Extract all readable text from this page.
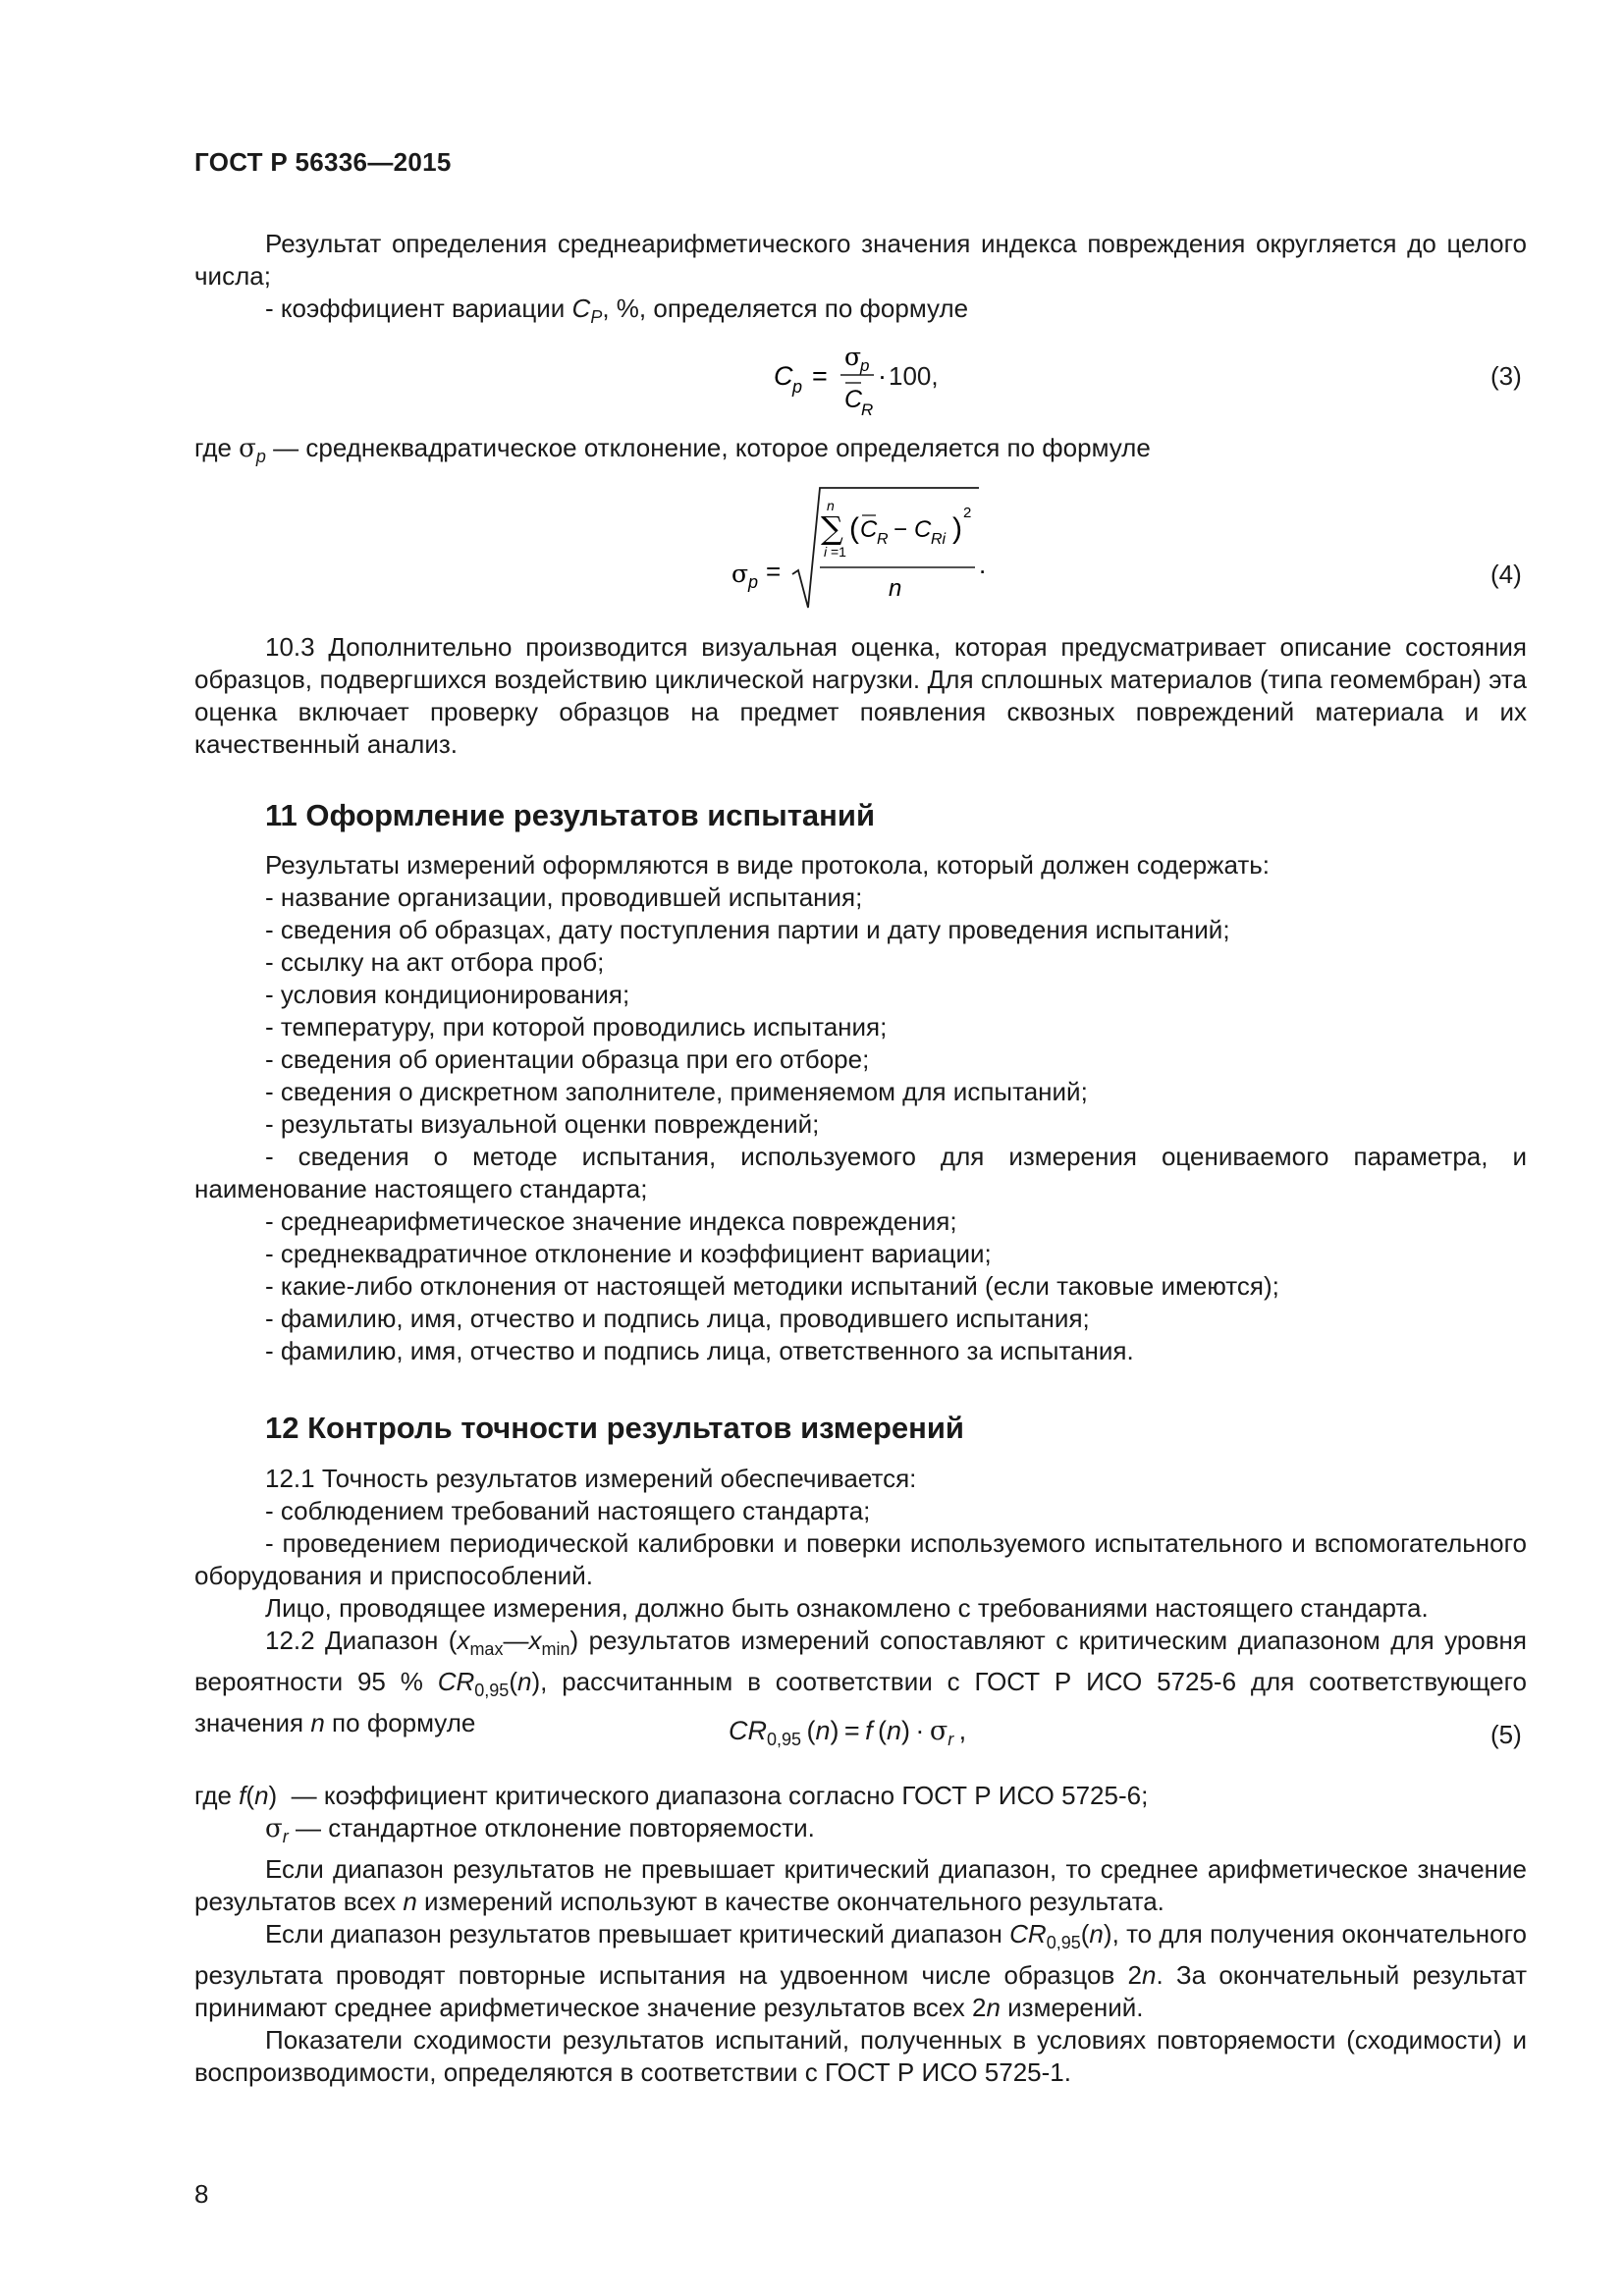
ГОСТ Р 56336—2015

Результат определения среднеарифметического значения индекса повреждения округляется до целого числа;

- коэффициент вариации $C_P$, %, определяется по формуле

C p =
σ
p
C
R
· 100,	(3)

где $\sigma_p$ — среднеквадратическое отклонение, которое определяется по формуле

σ p =
n
∑
i =1
( C R − C Ri ) 2
n
.	(4)

10.3 Дополнительно производится визуальная оценка, которая предусматривает описание состояния образцов, подвергшихся воздействию циклической нагрузки. Для сплошных материалов (типа геомембран) эта оценка включает проверку образцов на предмет появления сквозных повреждений материала и их качественный анализ.

11 Оформление результатов испытаний

Результаты измерений оформляются в виде протокола, который должен содержать:

- название организации, проводившей испытания;

- сведения об образцах, дату поступления партии и дату проведения испытаний;

- ссылку на акт отбора проб;

- условия кондиционирования;

- температуру, при которой проводились испытания;

- сведения об ориентации образца при его отборе;

- сведения о дискретном заполнителе, применяемом для испытаний;

- результаты визуальной оценки повреждений;

- сведения о методе испытания, используемого для измерения оцениваемого параметра, и наименование настоящего стандарта;

- среднеарифметическое значение индекса повреждения;

- среднеквадратичное отклонение и коэффициент вариации;

- какие-либо отклонения от настоящей методики испытаний (если таковые имеются);

- фамилию, имя, отчество и подпись лица, проводившего испытания;

- фамилию, имя, отчество и подпись лица, ответственного за испытания.

12 Контроль точности результатов измерений

12.1 Точность результатов измерений обеспечивается:

- соблюдением требований настоящего стандарта;

- проведением периодической калибровки и поверки используемого испытательного и вспомогательного оборудования и приспособлений.

Лицо, проводящее измерения, должно быть ознакомлено с требованиями настоящего стандарта.

12.2 Диапазон $(x_{max}—x_{min})$ результатов измерений сопоставляют с критическим диапазоном для уровня вероятности 95 % $CR_{0,95}(n)$, рассчитанным в соответствии с ГОСТ Р ИСО 5725-6 для соответствующего значения n по формуле	$CR_{0,95}$ (n) = f $(n) \cdot \sigma_r$ ,	(5)

где f(n)  — коэффициент критического диапазона согласно ГОСТ Р ИСО 5725-6;

$\sigma_r$ — стандартное отклонение повторяемости.

Если диапазон результатов не превышает критический диапазон, то среднее арифметическое значение результатов всех n измерений используют в качестве окончательного результата.

Если диапазон результатов превышает критический диапазон $CR_{0,95}(n)$, то для получения окончательного результата проводят повторные испытания на удвоенном числе образцов 2n. За окончательный результат принимают среднее арифметическое значение результатов всех 2n измерений.

Показатели сходимости результатов испытаний, полученных в условиях повторяемости (сходимости) и воспроизводимости, определяются в соответствии с ГОСТ Р ИСО 5725-1.

8
